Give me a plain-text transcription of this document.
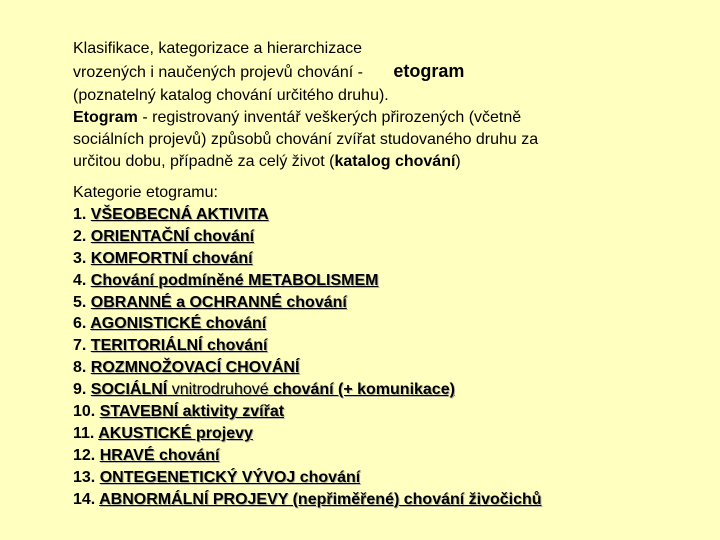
Klasifikace, kategorizace a hierarchizace
vrozených i naučených projevů chování - etogram
(poznatelný katalog chování určitého druhu).
Etogram - registrovaný inventář veškerých přirozených (včetně
sociálních projevů) způsobů chování zvířat studovaného druhu za
určitou dobu, případně za celý život (katalog chování)
Kategorie etogramu:
1. VŠEOBECNÁ AKTIVITA
2. ORIENTAČNÍ chování
3. KOMFORTNÍ chování
4. Chování podmíněné METABOLISMEM
5. OBRANNÉ a OCHRANNÉ chování
6. AGONISTICKÉ chování
7. TERITORIÁLNÍ chování
8. ROZMNOŽOVACÍ CHOVÁNÍ
9. SOCIÁLNÍ vnitrodruhové chování (+ komunikace)
10. STAVEBNÍ aktivity zvířat
11. AKUSTICKÉ projevy
12. HRAVÉ chování
13. ONTEGENETICKÝ VÝVOJ chování
14. ABNORMÁLNÍ PROJEVY (nepřiměřené) chování živočichů
